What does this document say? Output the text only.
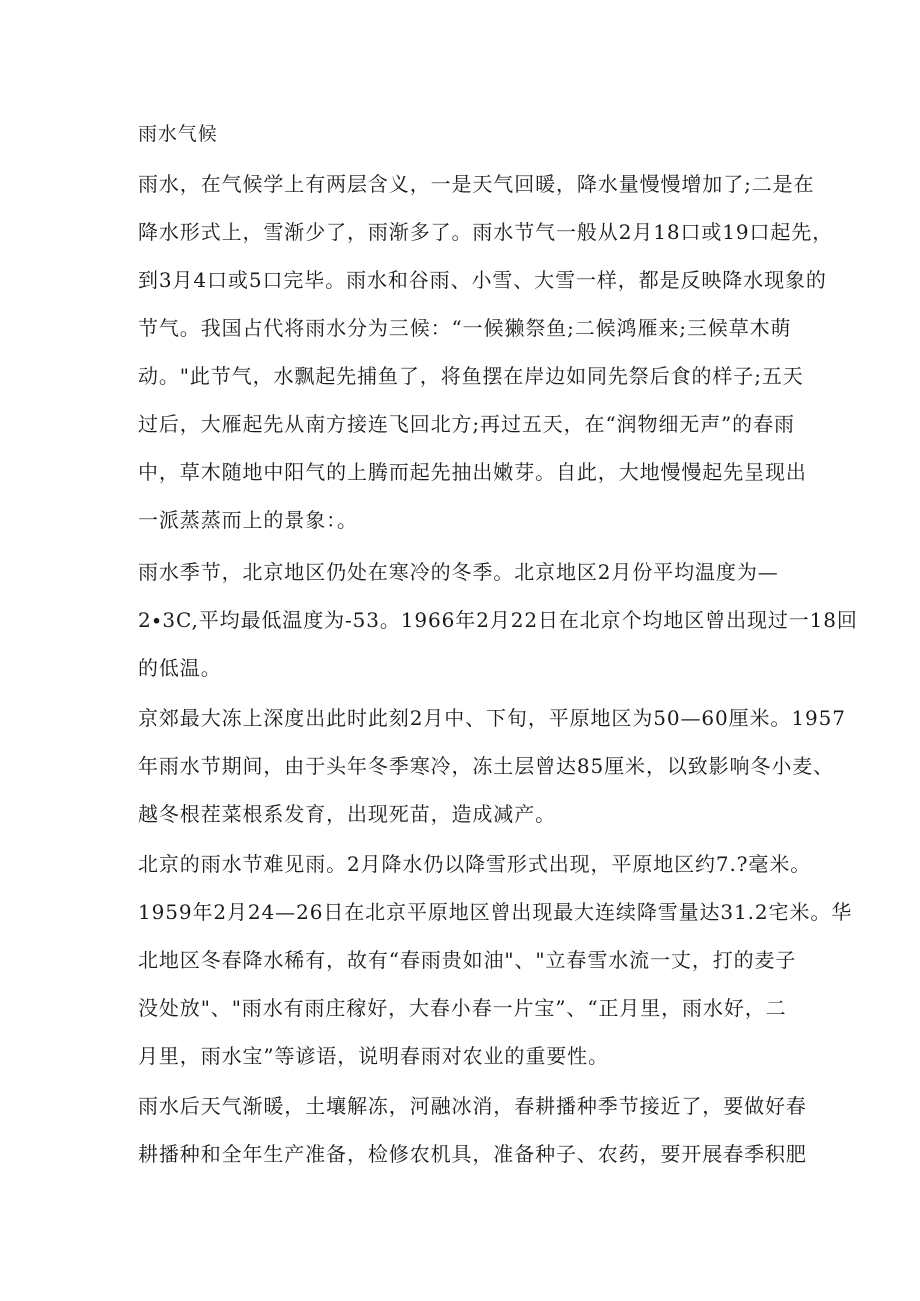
雨水气候
雨水，在气候学上有两层含义，一是天气回暖，降水量慢慢增加了;二是在
降水形式上，雪渐少了，雨渐多了。雨水节气一般从2月18口或19口起先，
到3月4口或5口完毕。雨水和谷雨、小雪、大雪一样，都是反映降水现象的
节气。我国占代将雨水分为三候：“一候獭祭鱼;二候鸿雁来;三候草木萌
动。"此节气，水飘起先捕鱼了，将鱼摆在岸边如同先祭后食的样子;五天
过后，大雁起先从南方接连飞回北方;再过五天，在“润物细无声”的春雨
中，草木随地中阳气的上腾而起先抽出嫩芽。自此，大地慢慢起先呈现出
一派蒸蒸而上的景象：。
雨水季节，北京地区仍处在寒冷的冬季。北京地区2月份平均温度为—
2∙3C,平均最低温度为-53。1966年2月22日在北京个均地区曾出现过一18回
的低温。
京郊最大冻上深度出此时此刻2月中、下旬，平原地区为50—60厘米。1957
年雨水节期间，由于头年冬季寒冷，冻土层曾达85厘米，以致影响冬小麦、
越冬根茬菜根系发育，出现死苗，造成减产。
北京的雨水节难见雨。2月降水仍以降雪形式出现，平原地区约7.?毫米。
1959年2月24—26日在北京平原地区曾出现最大连续降雪量达31.2宅米。华
北地区冬春降水稀有，故有“春雨贵如油"、"立春雪水流一丈，打的麦子
没处放"、"雨水有雨庄稼好，大春小春一片宝”、“正月里，雨水好，二
月里，雨水宝”等谚语，说明春雨对农业的重要性。
雨水后天气渐暖，土壤解冻，河融冰消，春耕播种季节接近了，要做好春
耕播种和全年生产准备，检修农机具，准备种子、农药，要开展春季积肥
